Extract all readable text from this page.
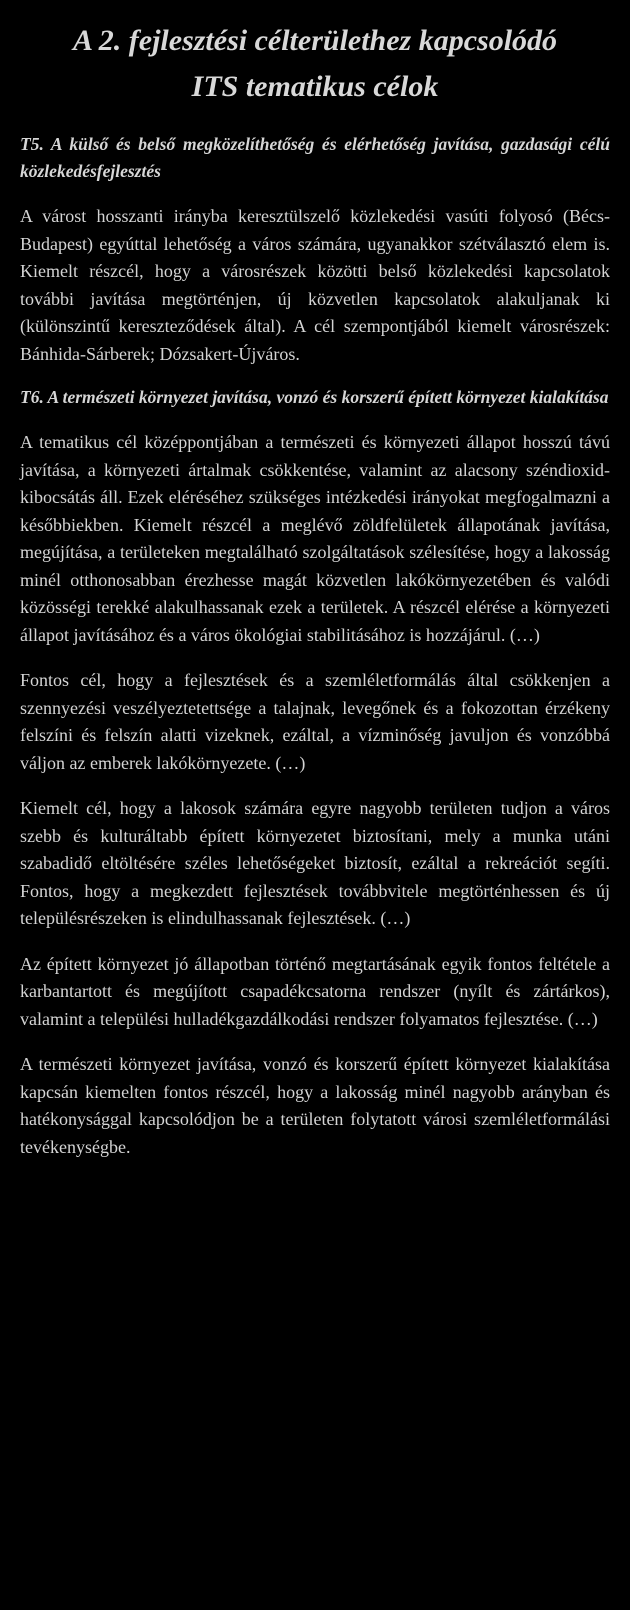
A 2. fejlesztési célterülethez kapcsolódó
ITS tematikus célok
T5. A külső és belső megközelíthetőség és elérhetőség javítása, gazdasági célú közlekedésfejlesztés

A várost hosszanti irányba keresztülszelő közlekedési vasúti folyosó (Bécs-Budapest) egyúttal lehetőség a város számára, ugyanakkor szétválasztó elem is. Kiemelt részcél, hogy a városrészek közötti belső közlekedési kapcsolatok további javítása megtörténjen, új közvetlen kapcsolatok alakuljanak ki (különszintű kereszteződések által). A cél szempontjából kiemelt városrészek: Bánhida-Sárberek; Dózsakert-Újváros.

T6. A természeti környezet javítása, vonzó és korszerű épített környezet kialakítása

A tematikus cél középpontjában a természeti és környezeti állapot hosszú távú javítása, a környezeti ártalmak csökkentése, valamint az alacsony széndioxid-kibocsátás áll. Ezek eléréséhez szükséges intézkedési irányokat megfogalmazni a későbbiekben. Kiemelt részcél a meglévő zöldfelületek állapotának javítása, megújítása, a területeken megtalálható szolgáltatások szélesítése, hogy a lakosság minél otthonosabban érezhesse magát közvetlen lakókörnyezetében és valódi közösségi terekké alakulhassanak ezek a területek. A részcél elérése a környezeti állapot javításához és a város ökológiai stabilitásához is hozzájárul. (…)

Fontos cél, hogy a fejlesztések és a szemléletformálás által csökkenjen a szennyezési veszélyeztetettsége a talajnak, levegőnek és a fokozottan érzékeny felszíni és felszín alatti vizeknek, ezáltal, a vízminőség javuljon és vonzóbbá váljon az emberek lakókörnyezete. (…)

Kiemelt cél, hogy a lakosok számára egyre nagyobb területen tudjon a város szebb és kulturáltabb épített környezetet biztosítani, mely a munka utáni szabadidő eltöltésére széles lehetőségeket biztosít, ezáltal a rekreációt segíti. Fontos, hogy a megkezdett fejlesztések továbbvitele megtörténhessen és új településrészeken is elindulhassanak fejlesztések. (…)

Az épített környezet jó állapotban történő megtartásának egyik fontos feltétele a karbantartott és megújított csapadékcsatorna rendszer (nyílt és zártárkos), valamint a települési hulladékgazdálkodási rendszer folyamatos fejlesztése. (…)

A természeti környezet javítása, vonzó és korszerű épített környezet kialakítása kapcsán kiemelten fontos részcél, hogy a lakosság minél nagyobb arányban és hatékonysággal kapcsolódjon be a területen folytatott városi szemléletformálási tevékenységbe.
